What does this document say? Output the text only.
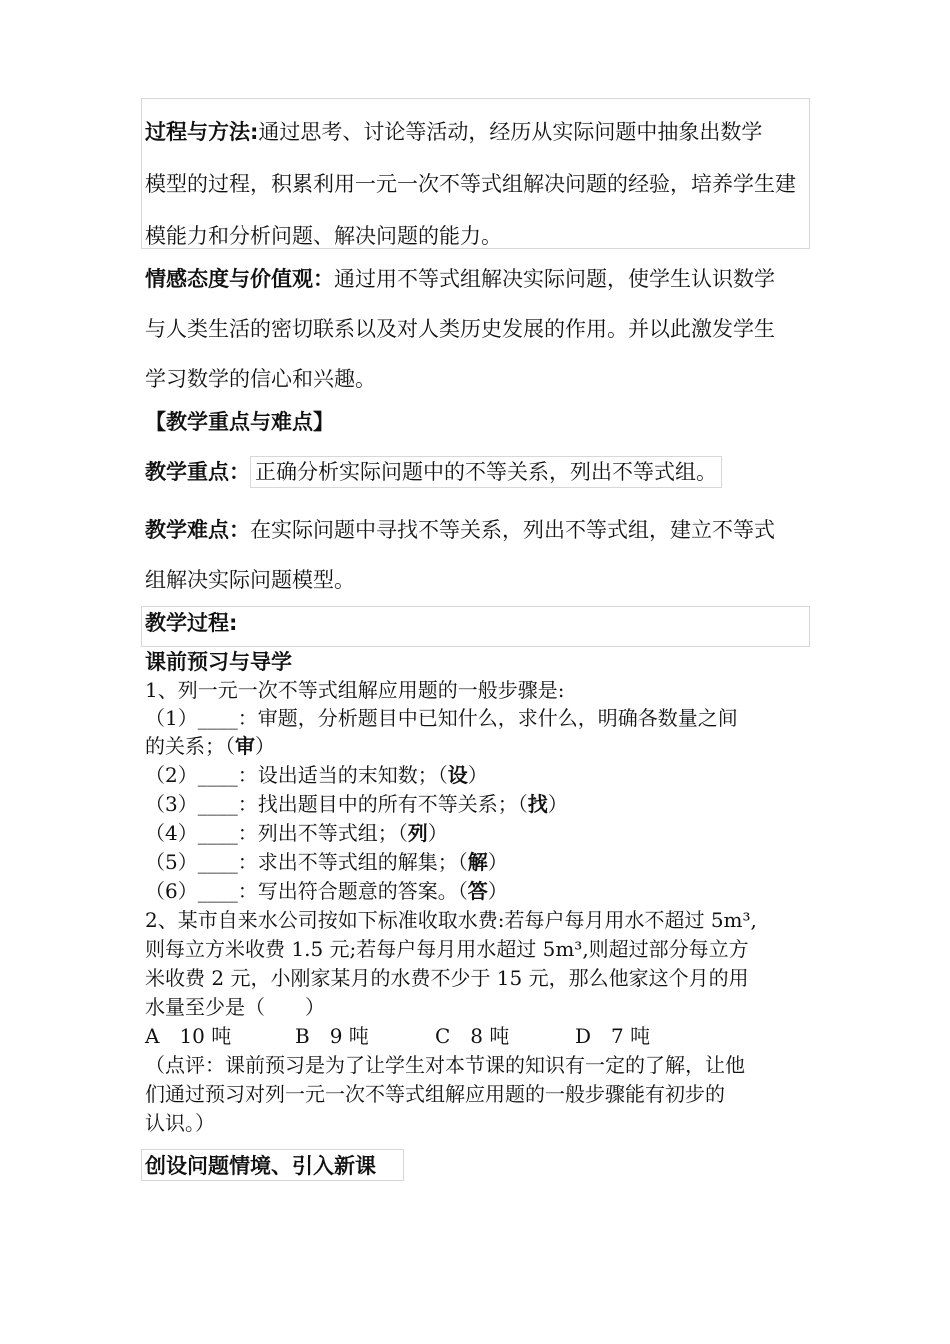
过程与方法:通过思考、讨论等活动，经历从实际问题中抽象出数学
模型的过程，积累利用一元一次不等式组解决问题的经验，培养学生建
模能力和分析问题、解决问题的能力。
情感态度与价值观：通过用不等式组解决实际问题，使学生认识数学
与人类生活的密切联系以及对人类历史发展的作用。并以此激发学生
学习数学的信心和兴趣。
【教学重点与难点】
教学重点： 正确分析实际问题中的不等关系，列出不等式组。
教学难点：在实际问题中寻找不等关系，列出不等式组，建立不等式
组解决实际问题模型。
教学过程:
课前预习与导学
1、列一元一次不等式组解应用题的一般步骤是:
（1）____：审题，分析题目中已知什么，求什么，明确各数量之间
的关系；（审）
（2）____：设出适当的末知数；（设）
（3）____：找出题目中的所有不等关系；（找）
（4）____：列出不等式组；（列）
（5）____：求出不等式组的解集；（解）
（6）____：写出符合题意的答案。（答）
2、某市自来水公司按如下标准收取水费:若每户每月用水不超过 5m³,
则每立方米收费 1.5 元;若每户每月用水超过 5m³,则超过部分每立方
米收费 2 元，小刚家某月的水费不少于 15 元，那么他家这个月的用
水量至少是（　　）
A　10 吨	B　9 吨	C　8 吨	D　7 吨
（点评：课前预习是为了让学生对本节课的知识有一定的了解，让他
们通过预习对列一元一次不等式组解应用题的一般步骤能有初步的
认识。）
创设问题情境、引入新课
